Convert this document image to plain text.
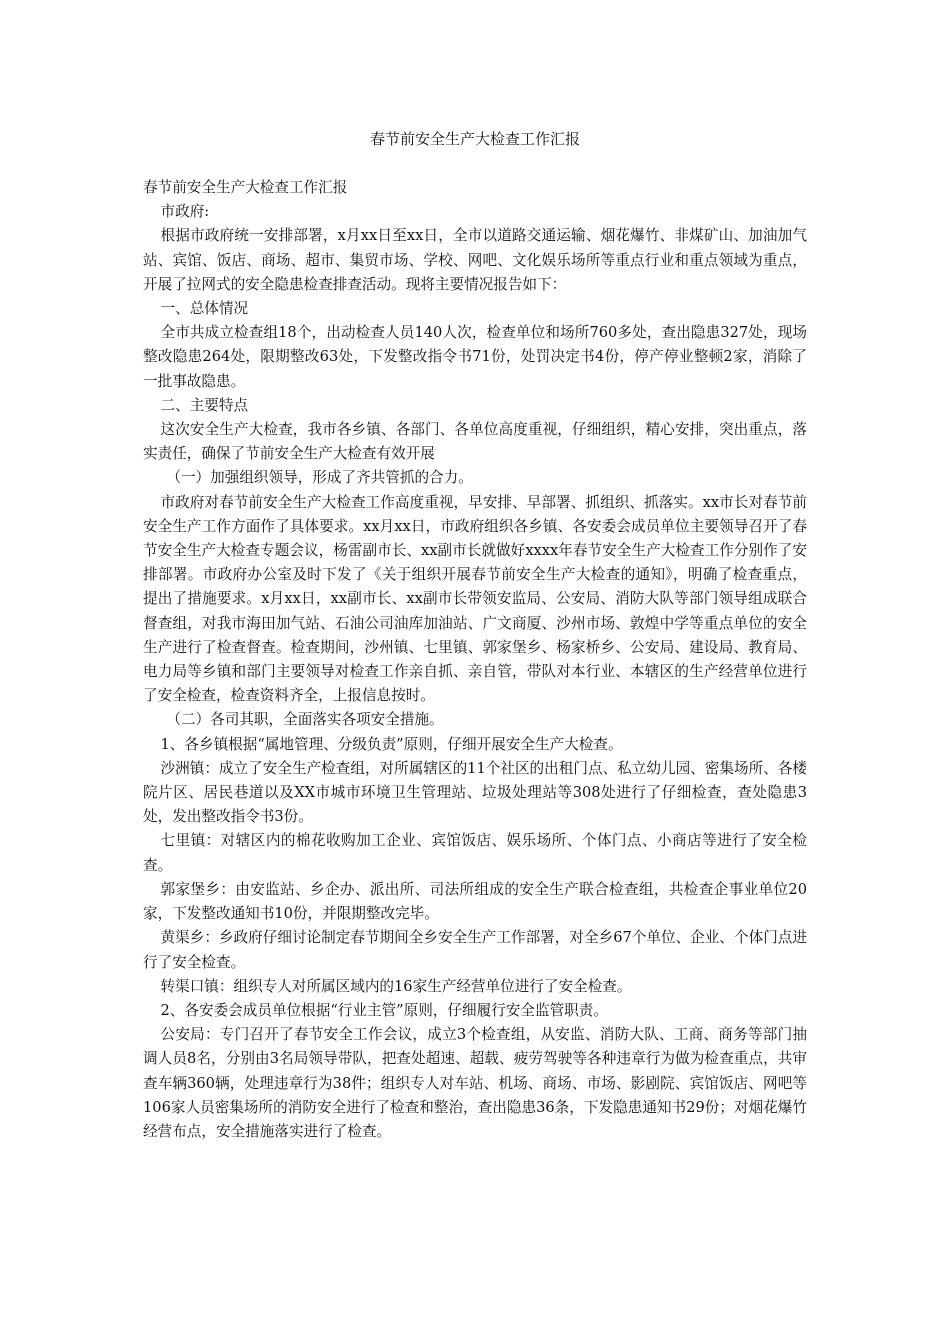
春节前安全生产大检查工作汇报

春节前安全生产大检查工作汇报

市政府:

根据市政府统一安排部署，x月xx日至xx日，全市以道路交通运输、烟花爆竹、非煤矿山、加油加气站、宾馆、饭店、商场、超市、集贸市场、学校、网吧、文化娱乐场所等重点行业和重点领域为重点，开展了拉网式的安全隐患检查排查活动。现将主要情况报告如下：

一、总体情况

全市共成立检查组18个，出动检查人员140人次，检查单位和场所760多处，查出隐患327处，现场整改隐患264处，限期整改63处，下发整改指令书71份，处罚决定书4份，停产停业整顿2家，消除了一批事故隐患。

二、主要特点

这次安全生产大检查，我市各乡镇、各部门、各单位高度重视，仔细组织，精心安排，突出重点，落实责任，确保了节前安全生产大检查有效开展

（一）加强组织领导，形成了齐共管抓的合力。

市政府对春节前安全生产大检查工作高度重视，早安排、早部署、抓组织、抓落实。xx市长对春节前安全生产工作方面作了具体要求。xx月xx日，市政府组织各乡镇、各安委会成员单位主要领导召开了春节安全生产大检查专题会议，杨雷副市长、xx副市长就做好xxxx年春节安全生产大检查工作分别作了安排部署。市政府办公室及时下发了《关于组织开展春节前安全生产大检查的通知》，明确了检查重点，提出了措施要求。x月xx日，xx副市长、xx副市长带领安监局、公安局、消防大队等部门领导组成联合督查组，对我市海田加气站、石油公司油库加油站、广文商厦、沙州市场、敦煌中学等重点单位的安全生产进行了检查督查。检查期间，沙州镇、七里镇、郭家堡乡、杨家桥乡、公安局、建设局、教育局、电力局等乡镇和部门主要领导对检查工作亲自抓、亲自管，带队对本行业、本辖区的生产经营单位进行了安全检查，检查资料齐全，上报信息按时。

（二）各司其职，全面落实各项安全措施。

1、各乡镇根据“属地管理、分级负责”原则，仔细开展安全生产大检查。

沙洲镇：成立了安全生产检查组，对所属辖区的11个社区的出租门点、私立幼儿园、密集场所、各楼院片区、居民巷道以及XX市城市环境卫生管理站、垃圾处理站等308处进行了仔细检查，查处隐患3处，发出整改指令书3份。

七里镇：对辖区内的棉花收购加工企业、宾馆饭店、娱乐场所、个体门点、小商店等进行了安全检查。

郭家堡乡：由安监站、乡企办、派出所、司法所组成的安全生产联合检查组，共检查企事业单位20家，下发整改通知书10份，并限期整改完毕。

黄渠乡：乡政府仔细讨论制定春节期间全乡安全生产工作部署，对全乡67个单位、企业、个体门点进行了安全检查。

转渠口镇：组织专人对所属区域内的16家生产经营单位进行了安全检查。

2、各安委会成员单位根据“行业主管”原则，仔细履行安全监管职责。

公安局：专门召开了春节安全工作会议，成立3个检查组，从安监、消防大队、工商、商务等部门抽调人员8名，分别由3名局领导带队，把查处超速、超载、疲劳驾驶等各种违章行为做为检查重点，共审查车辆360辆，处理违章行为38件；组织专人对车站、机场、商场、市场、影剧院、宾馆饭店、网吧等106家人员密集场所的消防安全进行了检查和整治，查出隐患36条，下发隐患通知书29份；对烟花爆竹经营布点，安全措施落实进行了检查。
